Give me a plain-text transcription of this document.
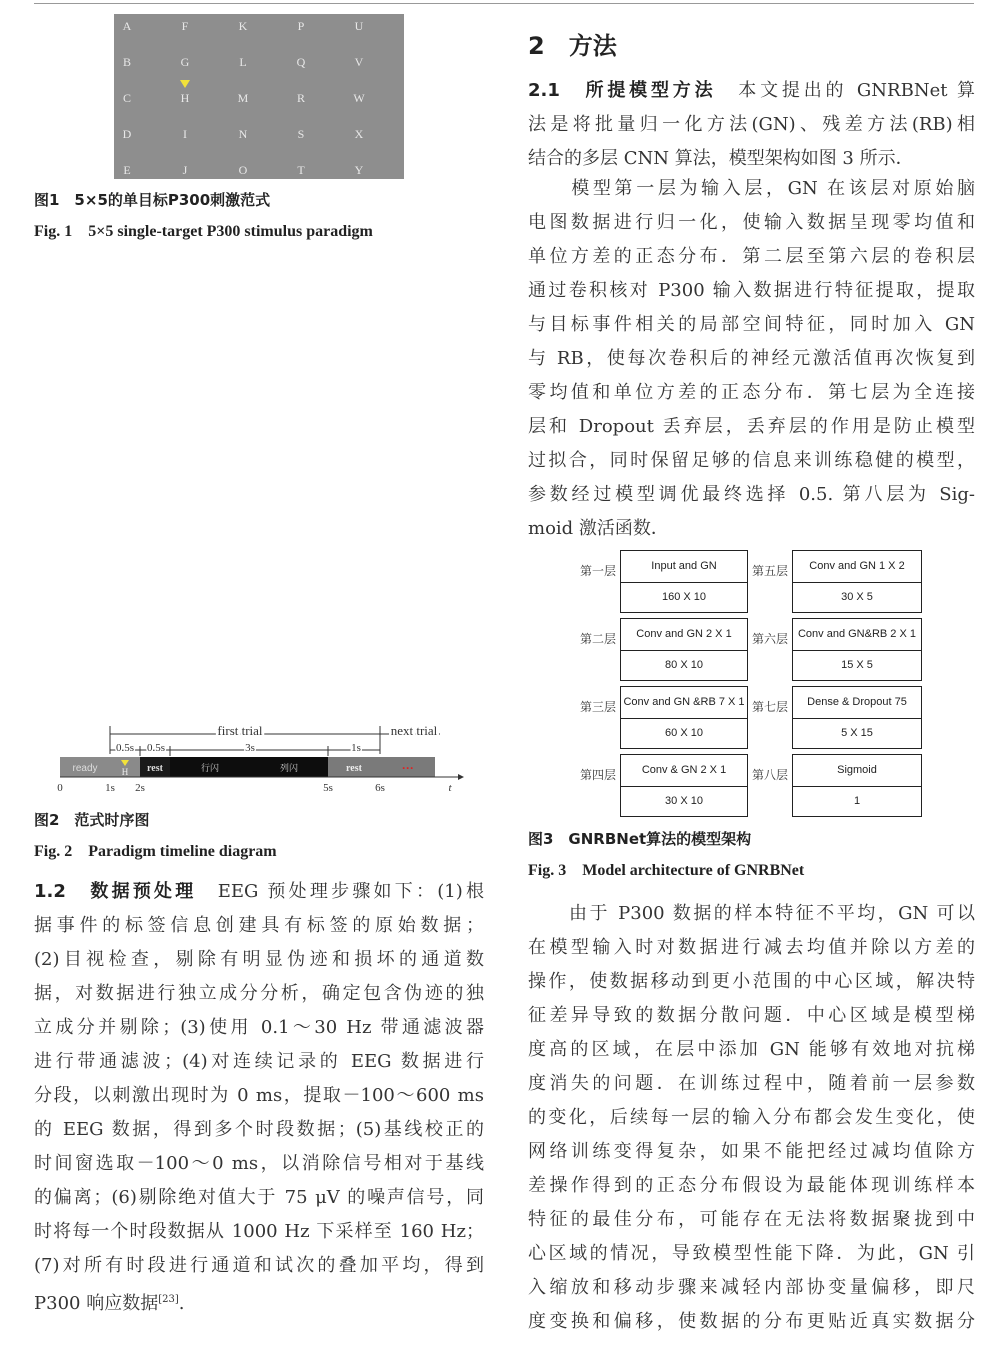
A	F	K	P	U
B	G	L	Q	V
C	H	M	R	W
D	I	N	S	X
E	J	O	T	Y
图1　5×5的单目标P300刺激范式
Fig. 1　5×5 single-target P300 stimulus paradigm
first trial	next trial
0.5s 0.5s	3s	1s
ready	H rest	行闪	列闪	rest	···
0	1s 2s	5s	6s	t
图2　范式时序图
Fig. 2　Paradigm timeline diagram
1.2　数据预处理　EEG 预处理步骤如下：(1)根
据事件的标签信息创建具有标签的原始数据；
(2)目视检查，剔除有明显伪迹和损坏的通道数
据，对数据进行独立成分分析，确定包含伪迹的独
立成分并剔除；(3)使用 0.1～30 Hz 带通滤波器
进行带通滤波；(4)对连续记录的 EEG 数据进行
分段，以刺激出现时为 0 ms，提取－100～600 ms
的 EEG 数据，得到多个时段数据；(5)基线校正的
时间窗选取－100～0 ms，以消除信号相对于基线
的偏离；(6)剔除绝对值大于 75 μV 的噪声信号，同
时将每一个时段数据从 1000 Hz 下采样至 160 Hz；
(7)对所有时段进行通道和试次的叠加平均，得到
P300 响应数据[23].
2　方法
2.1　所提模型方法　本文提出的 GNRBNet 算
法是将批量归一化方法(GN)、残差方法(RB)相
结合的多层 CNN 算法，模型架构如图 3 所示．
　　模型第一层为输入层，GN 在该层对原始脑
电图数据进行归一化，使输入数据呈现零均值和
单位方差的正态分布．第二层至第六层的卷积层
通过卷积核对 P300 输入数据进行特征提取，提取
与目标事件相关的局部空间特征，同时加入 GN
与 RB，使每次卷积后的神经元激活值再次恢复到
零均值和单位方差的正态分布．第七层为全连接
层和 Dropout 丢弃层，丢弃层的作用是防止模型
过拟合，同时保留足够的信息来训练稳健的模型，
参数经过模型调优最终选择 0.5. 第八层为 Sig-
moid 激活函数．
第一层	Input and GN
160 X 10
第二层	Conv and GN 2 X 1
80 X 10
第三层 Conv and GN &RB 7 X 1
60 X 10
第四层	Conv & GN 2 X 1
30 X 10
第五层	Conv and GN 1 X 2
30 X 5
第六层 Conv and GN&RB 2 X 1
15 X 5
第七层	Dense & Dropout 75
5 X 15
第八层	Sigmoid
1
图3　GNRBNet算法的模型架构
Fig. 3　Model architecture of GNRBNet
　　由于 P300 数据的样本特征不平均，GN 可以
在模型输入时对数据进行减去均值并除以方差的
操作，使数据移动到更小范围的中心区域，解决特
征差异导致的数据分散问题．中心区域是模型梯
度高的区域，在层中添加 GN 能够有效地对抗梯
度消失的问题．在训练过程中，随着前一层参数
的变化，后续每一层的输入分布都会发生变化，使
网络训练变得复杂，如果不能把经过减均值除方
差操作得到的正态分布假设为最能体现训练样本
特征的最佳分布，可能存在无法将数据聚拢到中
心区域的情况，导致模型性能下降．为此，GN 引
入缩放和移动步骤来减轻内部协变量偏移，即尺
度变换和偏移，使数据的分布更贴近真实数据分
